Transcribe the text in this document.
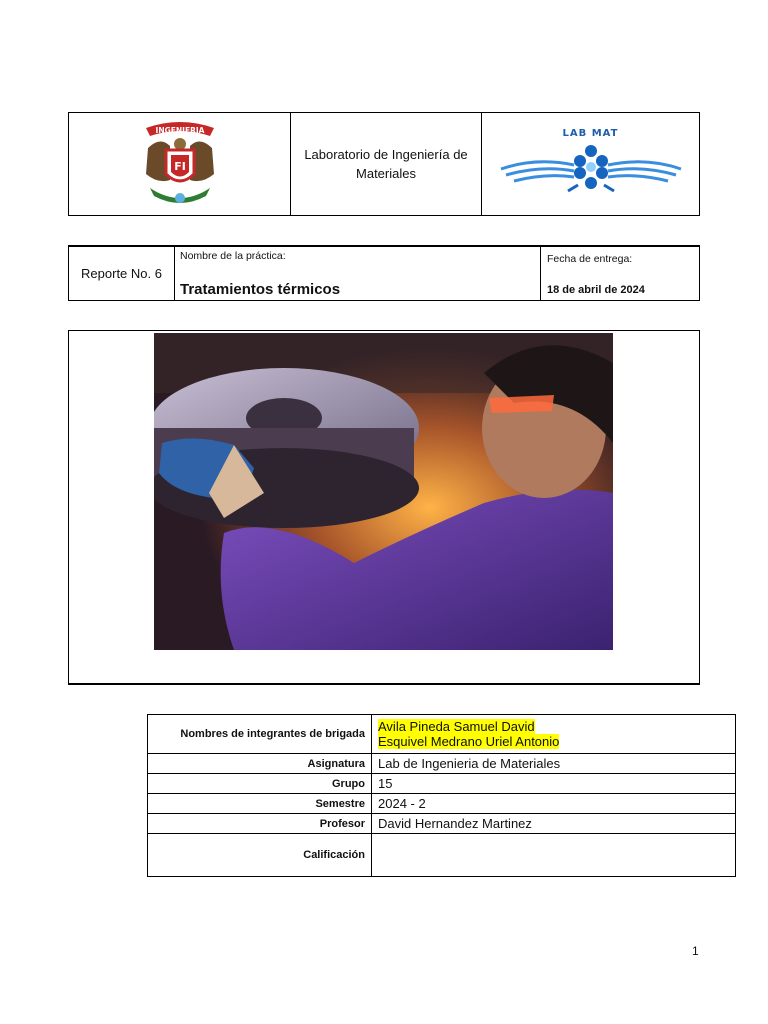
INGENIERIA
FI
Laboratorio de Ingeniería de Materiales
LAB MAT
Reporte No. 6
Nombre de la práctica:
Tratamientos térmicos
Fecha de entrega:
18 de abril de 2024
Nombres de integrantes de brigada	Avila Pineda Samuel David
Esquivel Medrano Uriel Antonio
Asignatura	Lab de Ingenieria de Materiales
Grupo	15
Semestre	2024 - 2
Profesor	David Hernandez Martinez
Calificación	
1
